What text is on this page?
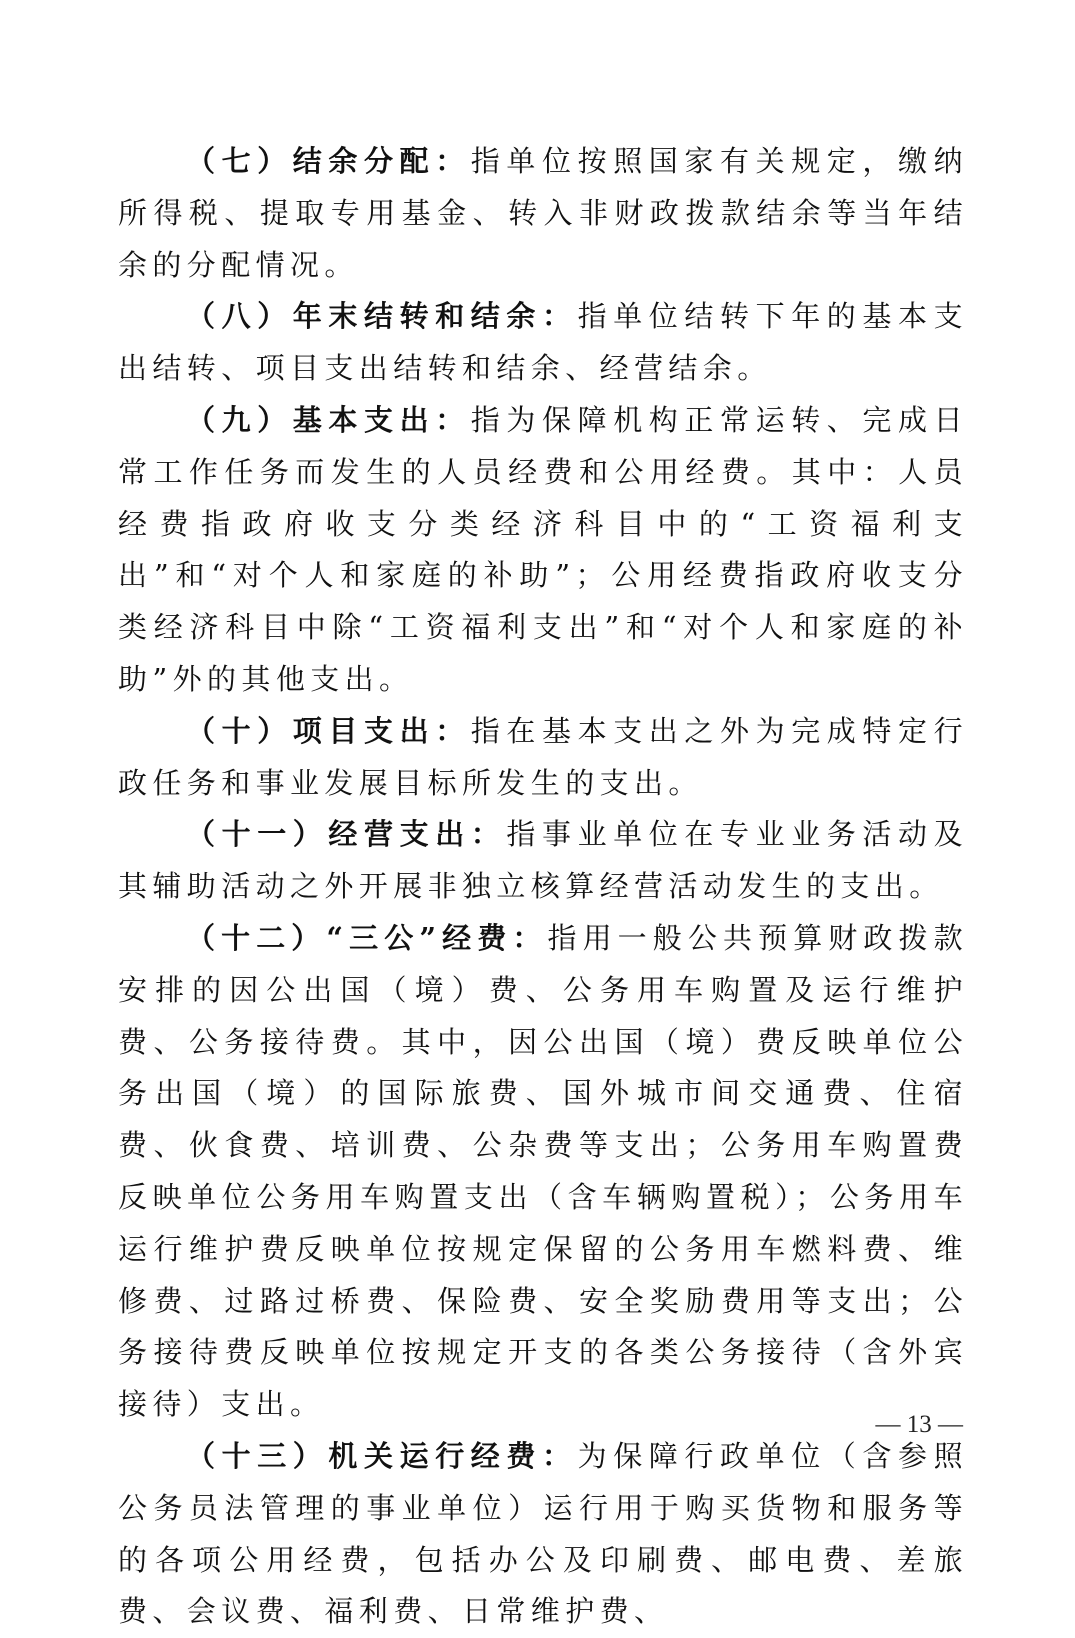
（七）结余分配：指单位按照国家有关规定，缴纳所得税、提取专用基金、转入非财政拨款结余等当年结余的分配情况。

（八）年末结转和结余：指单位结转下年的基本支出结转、项目支出结转和结余、经营结余。

（九）基本支出：指为保障机构正常运转、完成日常工作任务而发生的人员经费和公用经费。其中：人员经费指政府收支分类经济科目中的“工资福利支出”和“对个人和家庭的补助”；公用经费指政府收支分类经济科目中除“工资福利支出”和“对个人和家庭的补助”外的其他支出。

（十）项目支出：指在基本支出之外为完成特定行政任务和事业发展目标所发生的支出。

（十一）经营支出：指事业单位在专业业务活动及其辅助活动之外开展非独立核算经营活动发生的支出。

（十二）“三公”经费：指用一般公共预算财政拨款安排的因公出国（境）费、公务用车购置及运行维护费、公务接待费。其中，因公出国（境）费反映单位公务出国（境）的国际旅费、国外城市间交通费、住宿费、伙食费、培训费、公杂费等支出；公务用车购置费反映单位公务用车购置支出（含车辆购置税）；公务用车运行维护费反映单位按规定保留的公务用车燃料费、维修费、过路过桥费、保险费、安全奖励费用等支出；公务接待费反映单位按规定开支的各类公务接待（含外宾接待）支出。

（十三）机关运行经费：为保障行政单位（含参照公务员法管理的事业单位）运行用于购买货物和服务等的各项公用经费，包括办公及印刷费、邮电费、差旅费、会议费、福利费、日常维护费、

— 13 —
